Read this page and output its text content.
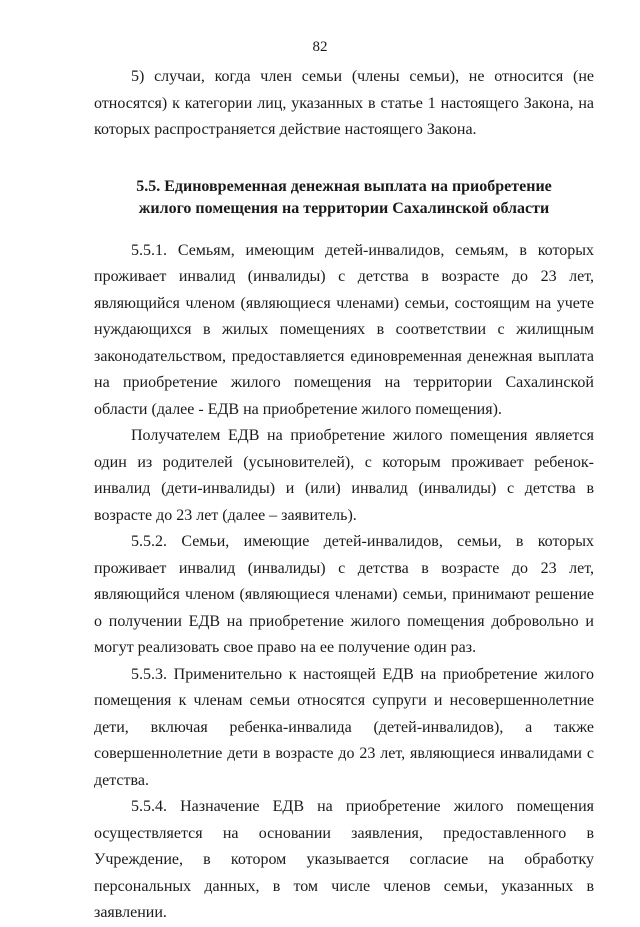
82

5) случаи, когда член семьи (члены семьи), не относится (не относятся) к категории лиц, указанных в статье 1 настоящего Закона, на которых распространяется действие настоящего Закона.

5.5. Единовременная денежная выплата на приобретение
жилого помещения на территории Сахалинской области

5.5.1. Семьям, имеющим детей-инвалидов, семьям, в которых проживает инвалид (инвалиды) с детства в возрасте до 23 лет, являющийся членом (являющиеся членами) семьи, состоящим на учете нуждающихся в жилых помещениях в соответствии с жилищным законодательством, предоставляется единовременная денежная выплата на приобретение жилого помещения на территории Сахалинской области (далее - ЕДВ на приобретение жилого помещения).

Получателем ЕДВ на приобретение жилого помещения является один из родителей (усыновителей), с которым проживает ребенок-инвалид (дети-инвалиды) и (или) инвалид (инвалиды) с детства в возрасте до 23 лет (далее – заявитель).

5.5.2. Семьи, имеющие детей-инвалидов, семьи, в которых проживает инвалид (инвалиды) с детства в возрасте до 23 лет, являющийся членом (являющиеся членами) семьи, принимают решение о получении ЕДВ на приобретение жилого помещения добровольно и могут реализовать свое право на ее получение один раз.

5.5.3. Применительно к настоящей ЕДВ на приобретение жилого помещения к членам семьи относятся супруги и несовершеннолетние дети, включая ребенка-инвалида (детей-инвалидов), а также совершеннолетние дети в возрасте до 23 лет, являющиеся инвалидами с детства.

5.5.4. Назначение ЕДВ на приобретение жилого помещения осуществляется на основании заявления, предоставленного в Учреждение, в котором указывается согласие на обработку персональных данных, в том числе членов семьи, указанных в заявлении.
